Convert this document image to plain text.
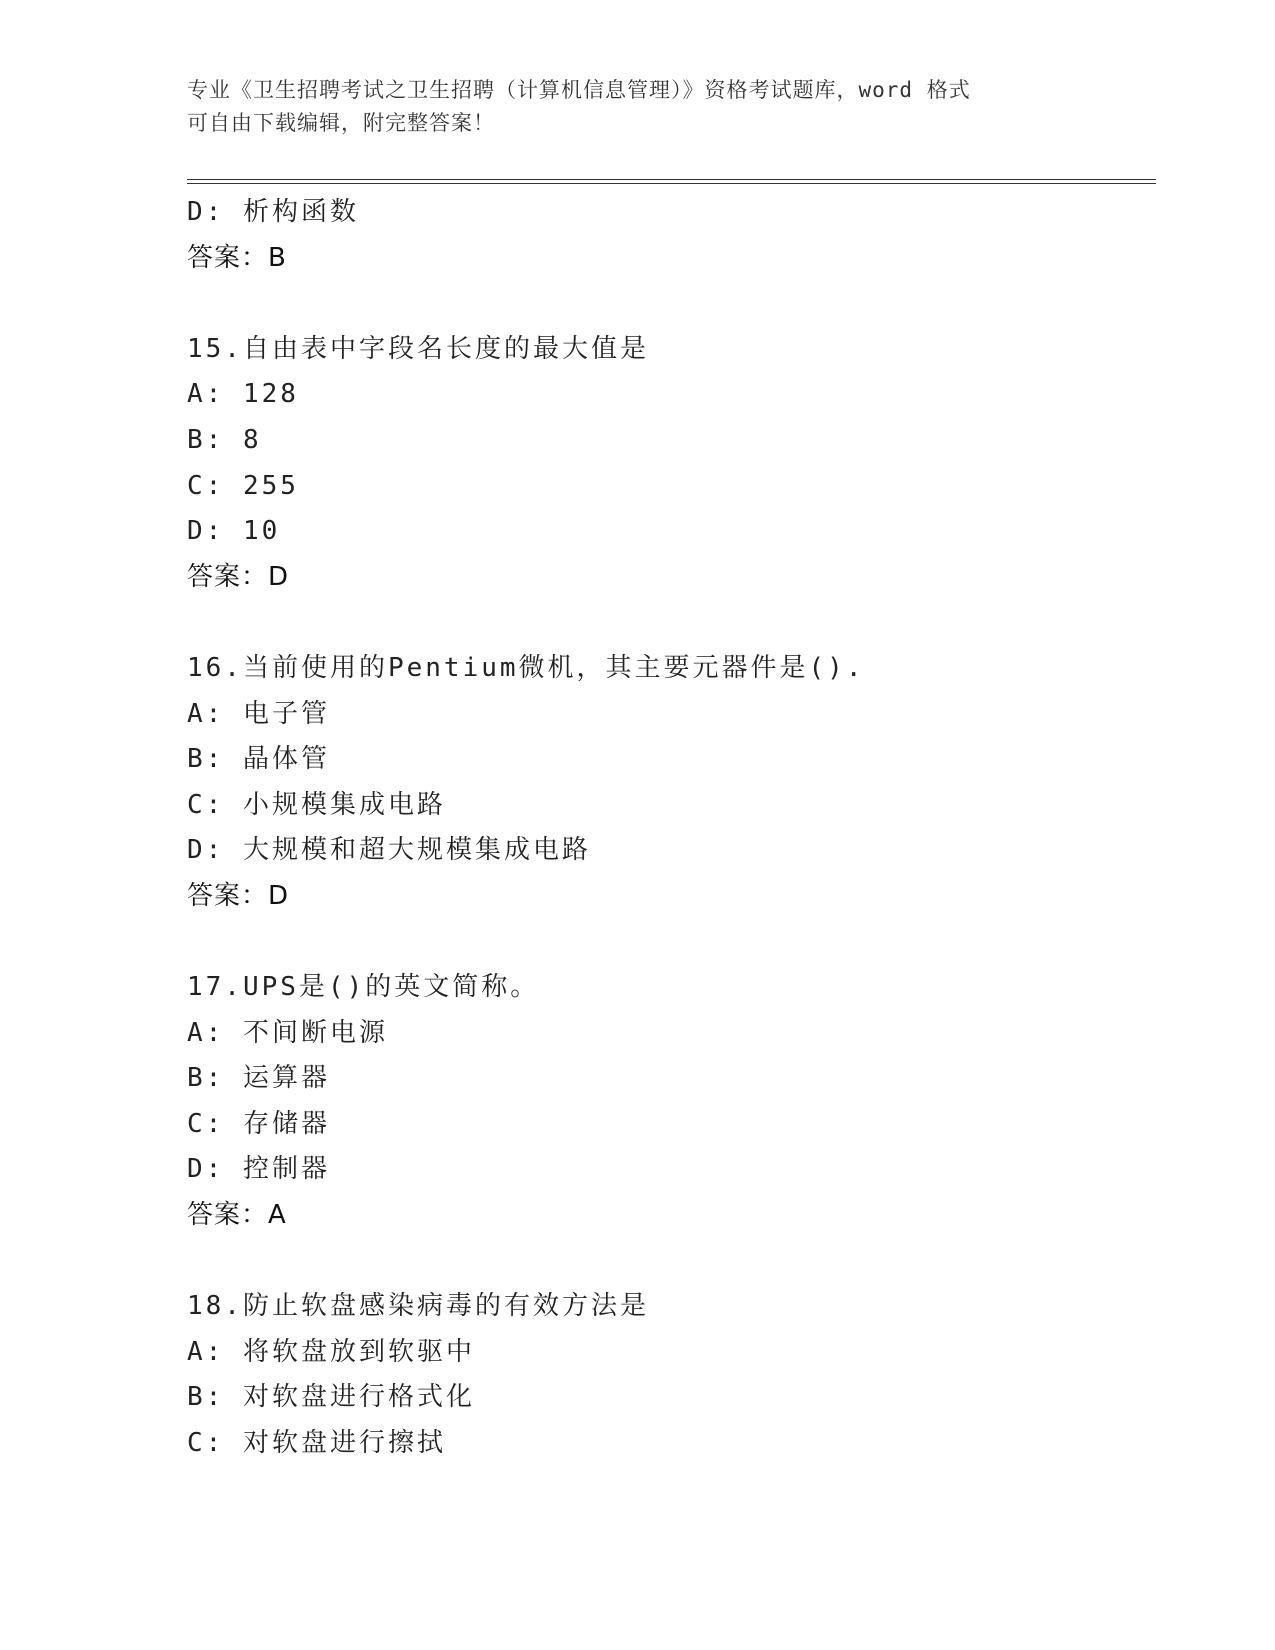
专业《卫生招聘考试之卫生招聘（计算机信息管理）》资格考试题库，word 格式
可自由下载编辑，附完整答案！
D: 析构函数
答案：B
15.自由表中字段名长度的最大值是
A: 128
B: 8
C: 255
D: 10
答案：D
16.当前使用的Pentium微机，其主要元器件是().
A: 电子管
B: 晶体管
C: 小规模集成电路
D: 大规模和超大规模集成电路
答案：D
17.UPS是()的英文简称。
A: 不间断电源
B: 运算器
C: 存储器
D: 控制器
答案：A
18.防止软盘感染病毒的有效方法是
A: 将软盘放到软驱中
B: 对软盘进行格式化
C: 对软盘进行擦拭
